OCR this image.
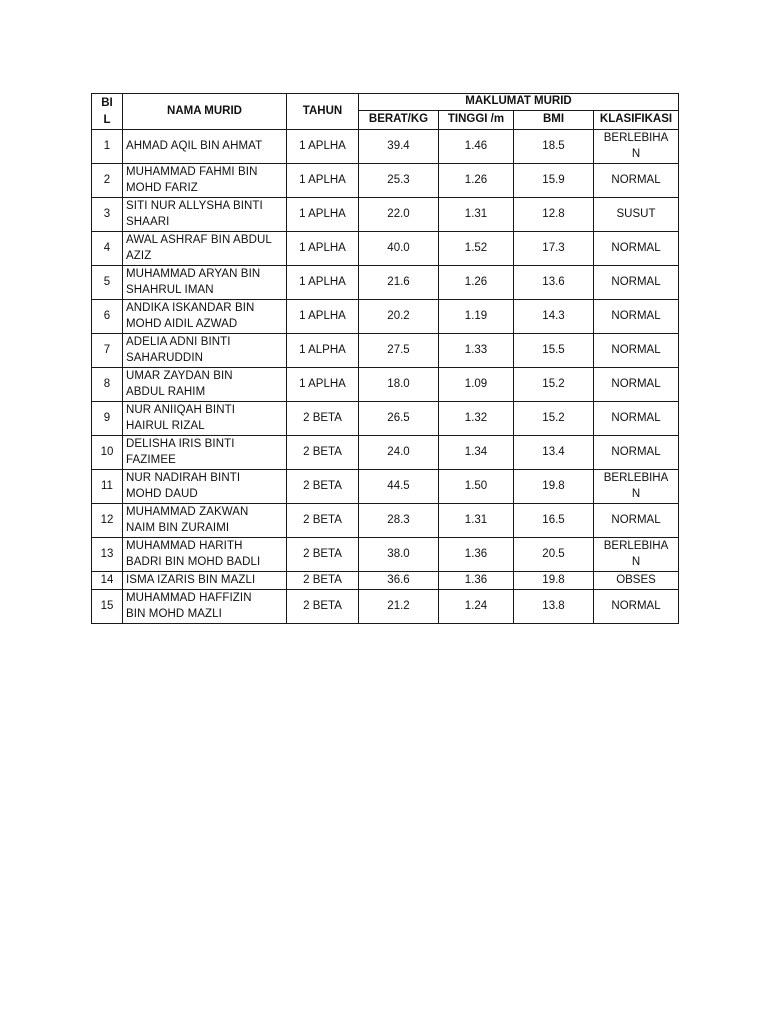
BI
L	NAMA MURID	TAHUN	MAKLUMAT MURID			
			BERAT/KG	TINGGI /m	BMI	KLASIFIKASI
1	AHMAD AQIL BIN AHMAT	1 APLHA	39.4	1.46	18.5	BERLEBIHA
N
2	MUHAMMAD FAHMI BIN
MOHD FARIZ	1 APLHA	25.3	1.26	15.9	NORMAL
3	SITI NUR ALLYSHA BINTI
SHAARI	1 APLHA	22.0	1.31	12.8	SUSUT
4	AWAL ASHRAF BIN ABDUL
AZIZ	1 APLHA	40.0	1.52	17.3	NORMAL
5	MUHAMMAD ARYAN BIN
SHAHRUL IMAN	1 APLHA	21.6	1.26	13.6	NORMAL
6	ANDIKA ISKANDAR BIN
MOHD AIDIL AZWAD	1 APLHA	20.2	1.19	14.3	NORMAL
7	ADELIA ADNI BINTI
SAHARUDDIN	1 ALPHA	27.5	1.33	15.5	NORMAL
8	UMAR ZAYDAN BIN
ABDUL RAHIM	1 APLHA	18.0	1.09	15.2	NORMAL
9	NUR ANIIQAH BINTI
HAIRUL RIZAL	2 BETA	26.5	1.32	15.2	NORMAL
10	DELISHA IRIS BINTI
FAZIMEE	2 BETA	24.0	1.34	13.4	NORMAL
11	NUR NADIRAH BINTI
MOHD DAUD	2 BETA	44.5	1.50	19.8	BERLEBIHA
N
12	MUHAMMAD ZAKWAN
NAIM BIN ZURAIMI	2 BETA	28.3	1.31	16.5	NORMAL
13	MUHAMMAD HARITH
BADRI BIN MOHD BADLI	2 BETA	38.0	1.36	20.5	BERLEBIHA
N
14	ISMA IZARIS BIN MAZLI	2 BETA	36.6	1.36	19.8	OBSES
15	MUHAMMAD HAFFIZIN
BIN MOHD MAZLI	2 BETA	21.2	1.24	13.8	NORMAL
